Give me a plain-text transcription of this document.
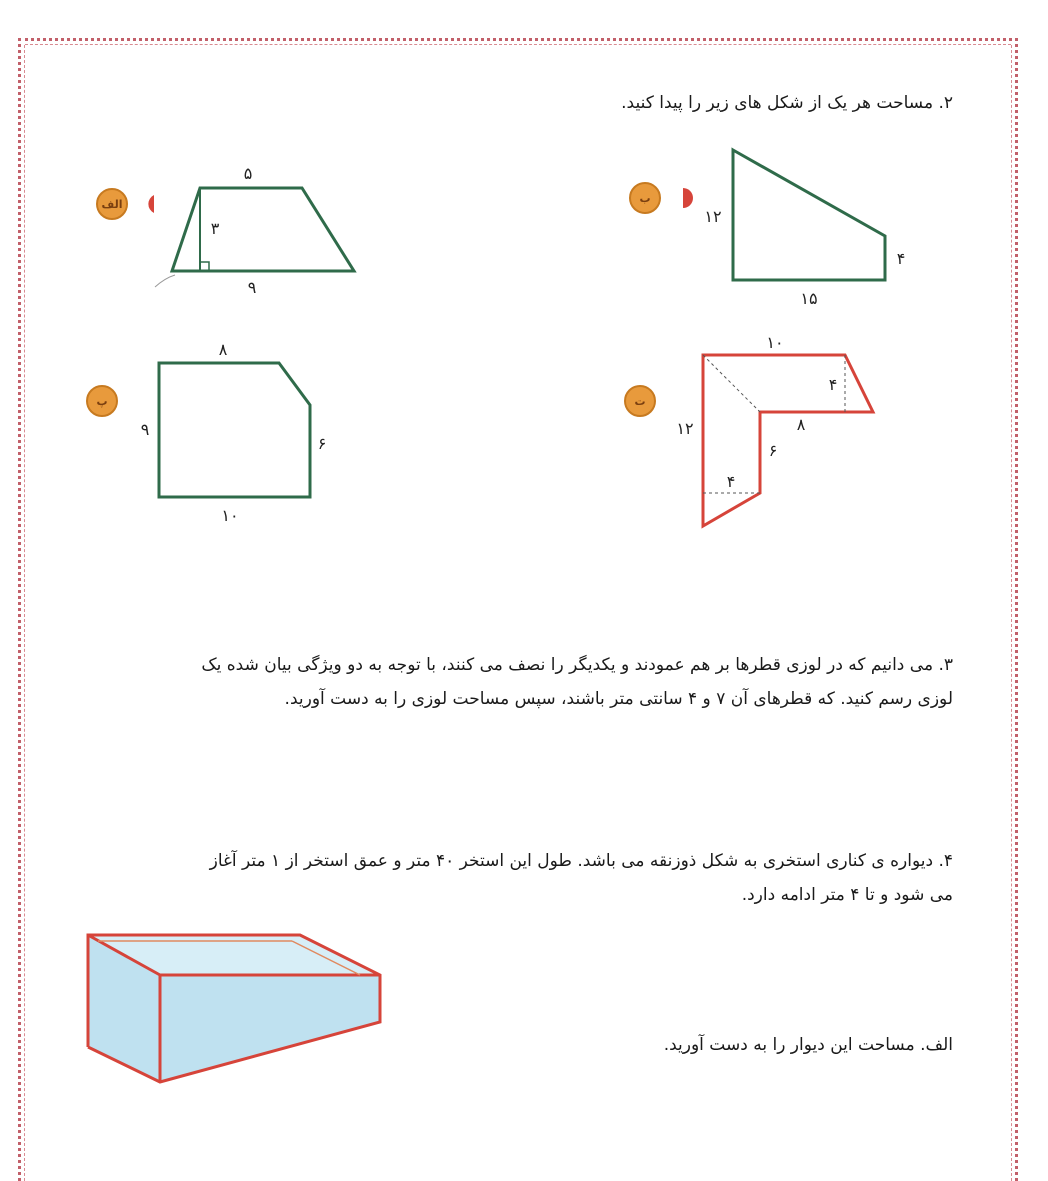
۲. مساحت هر یک از شکل های زیر را پیدا کنید.
الف
۵
۳
۹
ب
۱۲
۴
۱۵
پ
۸
۹
۶
۱۰
ت
۱۰
۴
۱۲	۸
۶
۴
۳. می دانیم که در لوزی قطرها بر هم عمودند و یکدیگر را نصف می کنند، با توجه به دو ویژگی بیان شده یک
لوزی رسم کنید. که قطرهای آن ۷ و ۴ سانتی متر باشند، سپس مساحت لوزی را به دست آورید.
۴. دیواره ی کناری استخری به شکل ذوزنقه می باشد. طول این استخر ۴۰ متر و عمق استخر از ۱ متر آغاز
می شود و تا ۴ متر ادامه دارد.
الف. مساحت این دیوار را به دست آورید.
